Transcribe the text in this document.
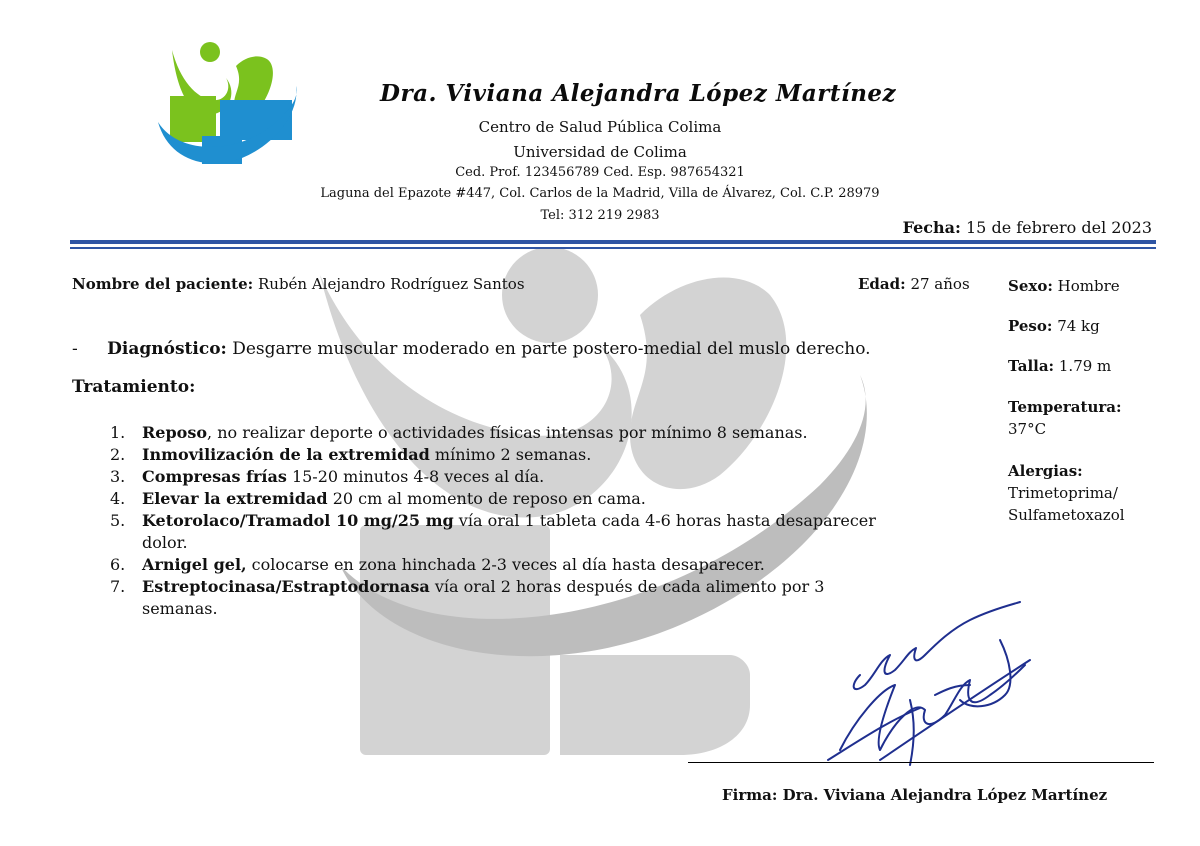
Dra. Viviana Alejandra López Martínez
Centro de Salud Pública Colima
Universidad de Colima
Ced. Prof. 123456789 Ced. Esp. 987654321
Laguna del Epazote #447, Col. Carlos de la Madrid, Villa de Álvarez, Col. C.P. 28979
Tel: 312 219 2983
Fecha: 15 de febrero del 2023
Nombre del paciente: Rubén Alejandro Rodríguez Santos	Edad: 27 años	Sexo: Hombre
Peso: 74 kg
Talla: 1.79 m
Temperatura:
37°C
Alergias:
Trimetoprima/
Sulfametoxazol
- Diagnóstico: Desgarre muscular moderado en parte postero-medial del muslo derecho.
Tratamiento:
1.	Reposo, no realizar deporte o actividades físicas intensas por mínimo 8 semanas.
2.	Inmovilización de la extremidad mínimo 2 semanas.
3.	Compresas frías 15-20 minutos 4-8 veces al día.
4.	Elevar la extremidad 20 cm al momento de reposo en cama.
5.	Ketorolaco/Tramadol 10 mg/25 mg vía oral 1 tableta cada 4-6 horas hasta desaparecer dolor.
6.	Arnigel gel, colocarse en zona hinchada 2-3 veces al día hasta desaparecer.
7.	Estreptocinasa/Estraptodornasa vía oral 2 horas después de cada alimento por 3 semanas.
Firma: Dra. Viviana Alejandra López Martínez
